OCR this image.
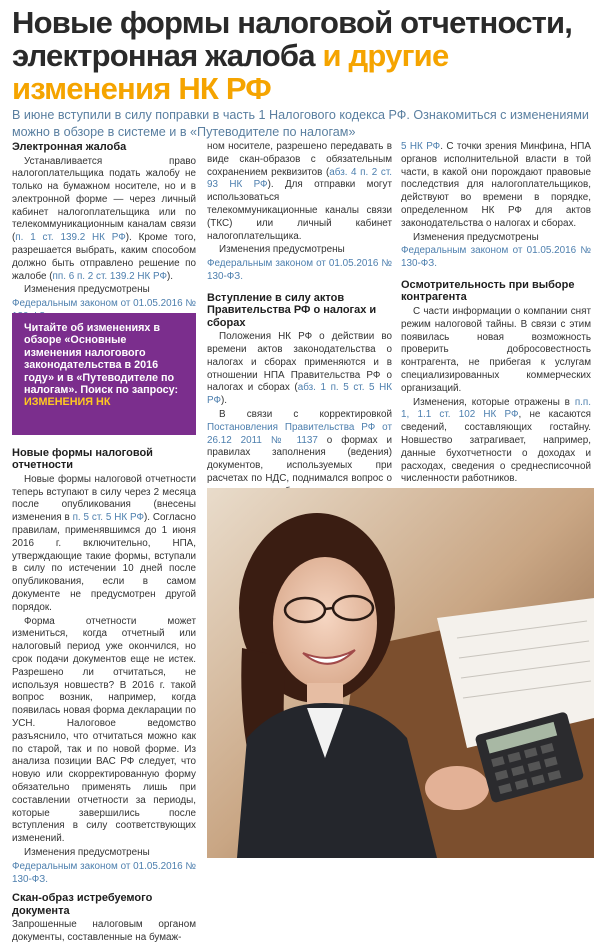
Новые формы налоговой отчетности,
электронная жалоба и другие
изменения НК РФ
В июне вступили в силу поправки в часть 1 Налогового кодекса РФ. Ознакомиться с изменениями можно в обзоре в системе и в «Путеводителе по налогам»
Электронная жалоба

Устанавливается право налогоплательщика подать жалобу не только на бумажном носителе, но и в электронной форме — через личный кабинет налогоплательщика или по телекоммуникационным каналам связи (п. 1 ст. 139.2 НК РФ). Кроме того, разрешается выбрать, каким способом должно быть отправлено решение по жалобе (пп. 6 п. 2 ст. 139.2 НК РФ).

Изменения предусмотрены

Федеральным законом от 01.05.2016 №

Новые формы налоговой отчетности

Новые формы налоговой отчетности теперь вступают в силу через 2 месяца после опубликования (внесены изменения в п. 5 ст. 5 НК РФ). Согласно правилам, применявшимся до 1 июня 2016 г. включительно, НПА, утверждающие такие формы, вступали в силу по истечении 10 дней после опубликования, если в самом документе не предусмотрен другой порядок.

Форма отчетности может измениться, когда отчетный или налоговый период уже окончился, но срок подачи документов еще не истек. Разрешено ли отчитаться, не используя новшеств? В 2016 г. такой вопрос возник, например, когда появилась новая форма декларации по УСН. Налоговое ведомство разъяснило, что отчитаться можно как по старой, так и по новой форме. Из анализа позиции ВАС РФ следует, что новую или скорректированную форму обязательно применять лишь при составлении отчетности за периоды, которые завершились после вступления в силу соответствующих изменений.

Изменения предусмотрены

Федеральным законом от 01.05.2016 № 130-ФЗ.

Скан-образ истребуемого документа

Запрошенные налоговым органом документы, составленные на бумаж-

Читайте об изменениях в обзоре «Основные изменения налогового законодательства в 2016 году» и в «Путеводителе по налогам». Поиск по запросу:
ИЗМЕНЕНИЯ НК

ном носителе, разрешено передавать в виде скан-образов с обязательным сохранением реквизитов (абз. 4 п. 2 ст. 93 НК РФ). Для отправки могут использоваться телекоммуникационные каналы связи (ТКС) или личный кабинет налогоплательщика.

Изменения предусмотрены

Федеральным законом от 01.05.2016 № 130-ФЗ.

Вступление в силу актов Правительства РФ о налогах и сборах

Положения НК РФ о действии во времени актов законодательства о налогах и сборах применяются и в отношении НПА Правительства РФ о налогах и сборах (абз. 1 п. 5 ст. 5 НК РФ).

В связи с корректировкой Постановления Правительства РФ от 26.12 2011 № 1137 о формах и правилах заполнения (ведения) документов, используемых при расчетах по НДС, поднимался вопрос о

5 НК РФ. С точки зрения Минфина, НПА органов исполнительной власти в той части, в какой они порождают правовые последствия для налогоплательщиков, действуют во времени в порядке, определенном НК РФ для актов законодательства о налогах и сборах.

Изменения предусмотрены

Федеральным законом от 01.05.2016 № 130-ФЗ.

Осмотрительность при выборе контрагента

С части информации о компании снят режим налоговой тайны. В связи с этим появилась новая возможность проверить добросовестность контрагента, не прибегая к услугам специализированных коммерческих организаций.

Изменения, которые отражены в п.п. 1, 1.1 ст. 102 НК РФ, не касаются сведений, составляющих гостайну. Новшество затрагивает, например, данные бухотчетности о доходах и расходах, сведения о среднесписочной численности работников.
